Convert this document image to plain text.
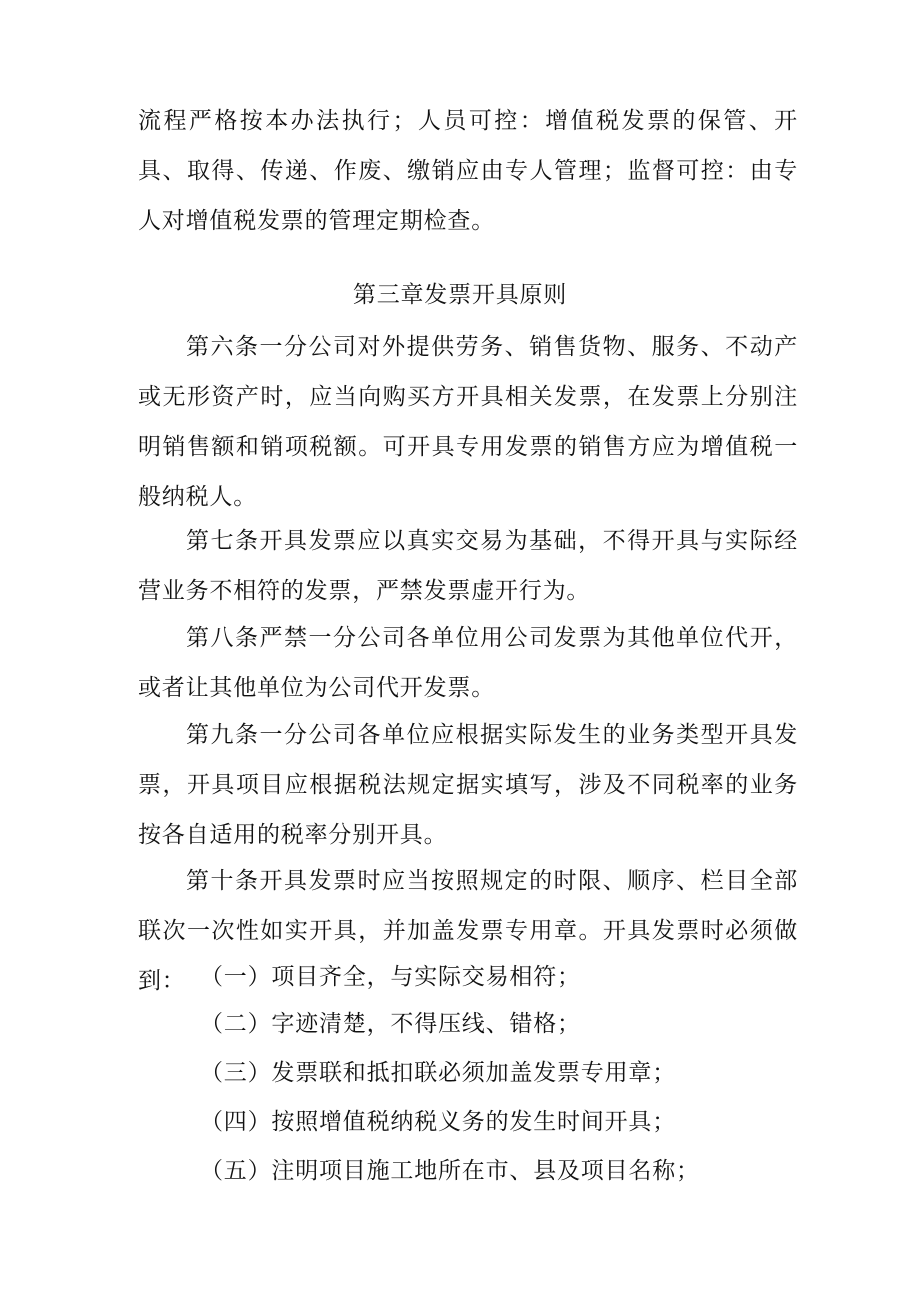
流程严格按本办法执行；人员可控：增值税发票的保管、开具、取得、传递、作废、缴销应由专人管理；监督可控：由专人对增值税发票的管理定期检查。

第三章发票开具原则

第六条一分公司对外提供劳务、销售货物、服务、不动产或无形资产时，应当向购买方开具相关发票，在发票上分别注明销售额和销项税额。可开具专用发票的销售方应为增值税一般纳税人。

第七条开具发票应以真实交易为基础，不得开具与实际经营业务不相符的发票，严禁发票虚开行为。

第八条严禁一分公司各单位用公司发票为其他单位代开，或者让其他单位为公司代开发票。

第九条一分公司各单位应根据实际发生的业务类型开具发票，开具项目应根据税法规定据实填写，涉及不同税率的业务按各自适用的税率分别开具。

第十条开具发票时应当按照规定的时限、顺序、栏目全部联次一次性如实开具，并加盖发票专用章。开具发票时必须做到： （一）项目齐全，与实际交易相符；

（二）字迹清楚，不得压线、错格；

（三）发票联和抵扣联必须加盖发票专用章；

（四）按照增值税纳税义务的发生时间开具；

（五）注明项目施工地所在市、县及项目名称；
